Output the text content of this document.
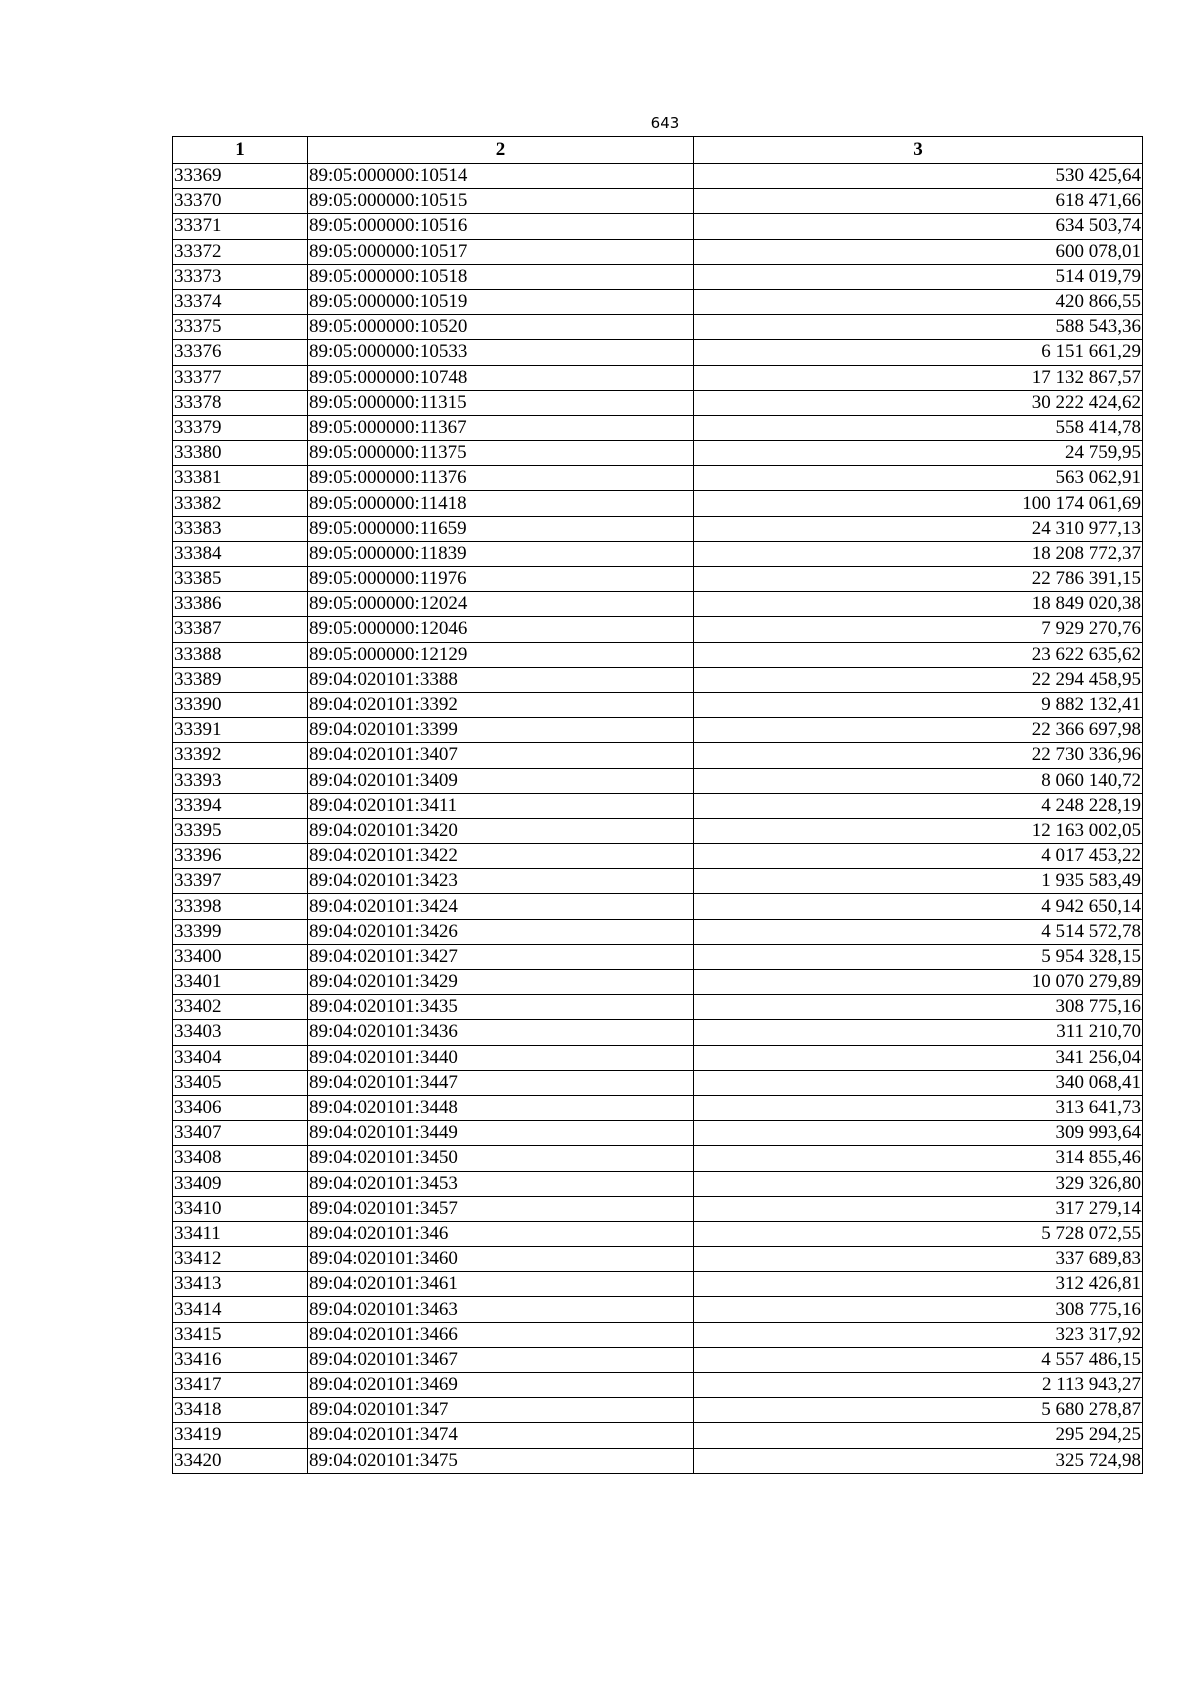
643
1	2	3
33369	89:05:000000:10514	530 425,64
33370	89:05:000000:10515	618 471,66
33371	89:05:000000:10516	634 503,74
33372	89:05:000000:10517	600 078,01
33373	89:05:000000:10518	514 019,79
33374	89:05:000000:10519	420 866,55
33375	89:05:000000:10520	588 543,36
33376	89:05:000000:10533	6 151 661,29
33377	89:05:000000:10748	17 132 867,57
33378	89:05:000000:11315	30 222 424,62
33379	89:05:000000:11367	558 414,78
33380	89:05:000000:11375	24 759,95
33381	89:05:000000:11376	563 062,91
33382	89:05:000000:11418	100 174 061,69
33383	89:05:000000:11659	24 310 977,13
33384	89:05:000000:11839	18 208 772,37
33385	89:05:000000:11976	22 786 391,15
33386	89:05:000000:12024	18 849 020,38
33387	89:05:000000:12046	7 929 270,76
33388	89:05:000000:12129	23 622 635,62
33389	89:04:020101:3388	22 294 458,95
33390	89:04:020101:3392	9 882 132,41
33391	89:04:020101:3399	22 366 697,98
33392	89:04:020101:3407	22 730 336,96
33393	89:04:020101:3409	8 060 140,72
33394	89:04:020101:3411	4 248 228,19
33395	89:04:020101:3420	12 163 002,05
33396	89:04:020101:3422	4 017 453,22
33397	89:04:020101:3423	1 935 583,49
33398	89:04:020101:3424	4 942 650,14
33399	89:04:020101:3426	4 514 572,78
33400	89:04:020101:3427	5 954 328,15
33401	89:04:020101:3429	10 070 279,89
33402	89:04:020101:3435	308 775,16
33403	89:04:020101:3436	311 210,70
33404	89:04:020101:3440	341 256,04
33405	89:04:020101:3447	340 068,41
33406	89:04:020101:3448	313 641,73
33407	89:04:020101:3449	309 993,64
33408	89:04:020101:3450	314 855,46
33409	89:04:020101:3453	329 326,80
33410	89:04:020101:3457	317 279,14
33411	89:04:020101:346	5 728 072,55
33412	89:04:020101:3460	337 689,83
33413	89:04:020101:3461	312 426,81
33414	89:04:020101:3463	308 775,16
33415	89:04:020101:3466	323 317,92
33416	89:04:020101:3467	4 557 486,15
33417	89:04:020101:3469	2 113 943,27
33418	89:04:020101:347	5 680 278,87
33419	89:04:020101:3474	295 294,25
33420	89:04:020101:3475	325 724,98
